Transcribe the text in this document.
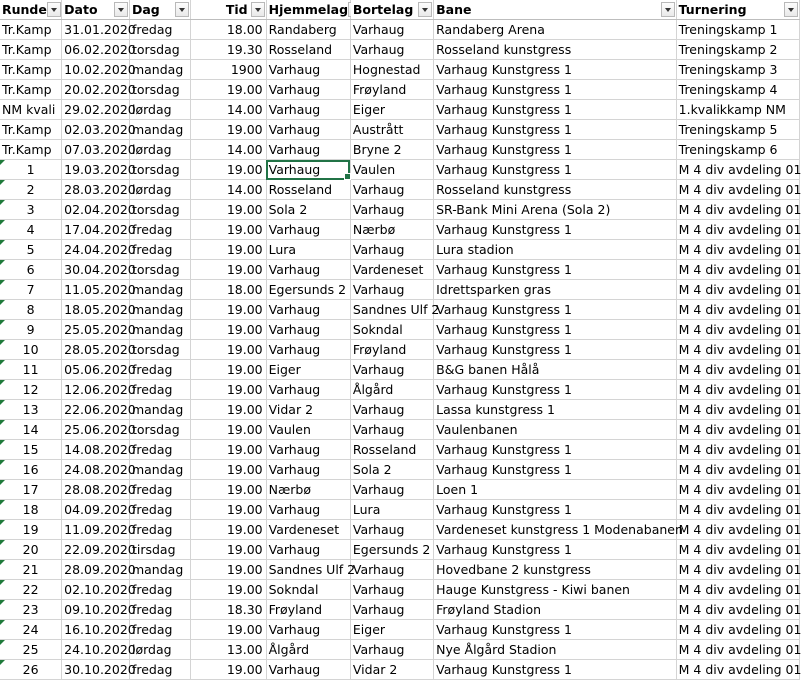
Runde	Dato	Dag	Tid	Hjemmelag	Bortelag	Bane	Turnering

Tr.Kamp	31.01.2020	fredag	18.00	Randaberg	Varhaug	Randaberg Arena	Treningskamp 1
Tr.Kamp	06.02.2020	torsdag	19.30	Rosseland	Varhaug	Rosseland kunstgress	Treningskamp 2
Tr.Kamp	10.02.2020	mandag	1900	Varhaug	Hognestad	Varhaug Kunstgress 1	Treningskamp 3
Tr.Kamp	20.02.2020	torsdag	19.00	Varhaug	Frøyland	Varhaug Kunstgress 1	Treningskamp 4
NM kvali	29.02.2020	lørdag	14.00	Varhaug	Eiger	Varhaug Kunstgress 1	1.kvalikkamp NM
Tr.Kamp	02.03.2020	mandag	19.00	Varhaug	Austrått	Varhaug Kunstgress 1	Treningskamp 5
Tr.Kamp	07.03.2020	lørdag	14.00	Varhaug	Bryne 2	Varhaug Kunstgress 1	Treningskamp 6
1	19.03.2020	torsdag	19.00	Varhaug	Vaulen	Varhaug Kunstgress 1	M 4 div avdeling 01
2	28.03.2020	lørdag	14.00	Rosseland	Varhaug	Rosseland kunstgress	M 4 div avdeling 01
3	02.04.2020	torsdag	19.00	Sola 2	Varhaug	SR-Bank Mini Arena (Sola 2)	M 4 div avdeling 01
4	17.04.2020	fredag	19.00	Varhaug	Nærbø	Varhaug Kunstgress 1	M 4 div avdeling 01
5	24.04.2020	fredag	19.00	Lura	Varhaug	Lura stadion	M 4 div avdeling 01
6	30.04.2020	torsdag	19.00	Varhaug	Vardeneset	Varhaug Kunstgress 1	M 4 div avdeling 01
7	11.05.2020	mandag	18.00	Egersunds 2	Varhaug	Idrettsparken gras	M 4 div avdeling 01
8	18.05.2020	mandag	19.00	Varhaug	Sandnes Ulf 2	Varhaug Kunstgress 1	M 4 div avdeling 01
9	25.05.2020	mandag	19.00	Varhaug	Sokndal	Varhaug Kunstgress 1	M 4 div avdeling 01
10	28.05.2020	torsdag	19.00	Varhaug	Frøyland	Varhaug Kunstgress 1	M 4 div avdeling 01
11	05.06.2020	fredag	19.00	Eiger	Varhaug	B&G banen Hålå	M 4 div avdeling 01
12	12.06.2020	fredag	19.00	Varhaug	Ålgård	Varhaug Kunstgress 1	M 4 div avdeling 01
13	22.06.2020	mandag	19.00	Vidar 2	Varhaug	Lassa kunstgress 1	M 4 div avdeling 01
14	25.06.2020	torsdag	19.00	Vaulen	Varhaug	Vaulenbanen	M 4 div avdeling 01
15	14.08.2020	fredag	19.00	Varhaug	Rosseland	Varhaug Kunstgress 1	M 4 div avdeling 01
16	24.08.2020	mandag	19.00	Varhaug	Sola 2	Varhaug Kunstgress 1	M 4 div avdeling 01
17	28.08.2020	fredag	19.00	Nærbø	Varhaug	Loen 1	M 4 div avdeling 01
18	04.09.2020	fredag	19.00	Varhaug	Lura	Varhaug Kunstgress 1	M 4 div avdeling 01
19	11.09.2020	fredag	19.00	Vardeneset	Varhaug	Vardeneset kunstgress 1 Modenabanen	M 4 div avdeling 01
20	22.09.2020	tirsdag	19.00	Varhaug	Egersunds 2	Varhaug Kunstgress 1	M 4 div avdeling 01
21	28.09.2020	mandag	19.00	Sandnes Ulf 2	Varhaug	Hovedbane 2 kunstgress	M 4 div avdeling 01
22	02.10.2020	fredag	19.00	Sokndal	Varhaug	Hauge Kunstgress - Kiwi banen	M 4 div avdeling 01
23	09.10.2020	fredag	18.30	Frøyland	Varhaug	Frøyland Stadion	M 4 div avdeling 01
24	16.10.2020	fredag	19.00	Varhaug	Eiger	Varhaug Kunstgress 1	M 4 div avdeling 01
25	24.10.2020	lørdag	13.00	Ålgård	Varhaug	Nye Ålgård Stadion	M 4 div avdeling 01
26	30.10.2020	fredag	19.00	Varhaug	Vidar 2	Varhaug Kunstgress 1	M 4 div avdeling 01
